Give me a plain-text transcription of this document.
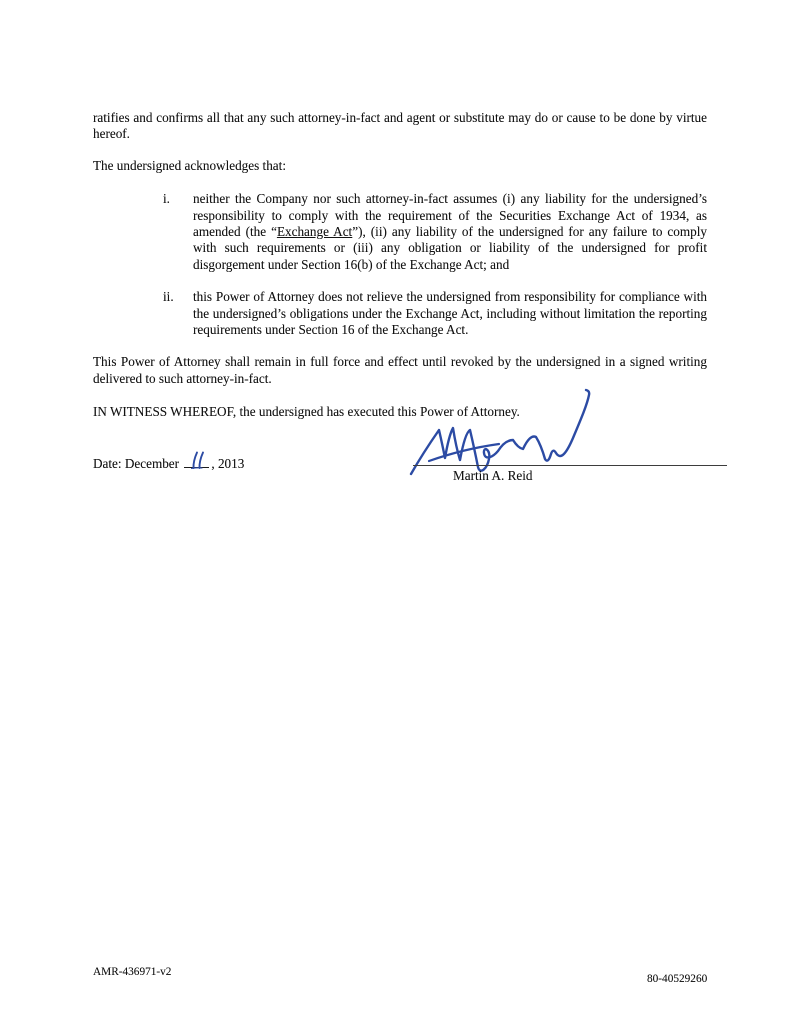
ratifies and confirms all that any such attorney-in-fact and agent or substitute may do or cause to be done by virtue hereof.

The undersigned acknowledges that:

i.	neither the Company nor such attorney-in-fact assumes (i) any liability for the undersigned’s responsibility to comply with the requirement of the Securities Exchange Act of 1934, as amended (the “Exchange Act”), (ii) any liability of the undersigned for any failure to comply with such requirements or (iii) any obligation or liability of the undersigned for profit disgorgement under Section 16(b) of the Exchange Act; and
ii.	this Power of Attorney does not relieve the undersigned from responsibility for compliance with the undersigned’s obligations under the Exchange Act, including without limitation the reporting requirements under Section 16 of the Exchange Act.

This Power of Attorney shall remain in full force and effect until revoked by the undersigned in a signed writing delivered to such attorney-in-fact.

IN WITNESS WHEREOF, the undersigned has executed this Power of Attorney.

Date: December , 2013
Martin A. Reid
AMR-436971-v2
80-40529260
